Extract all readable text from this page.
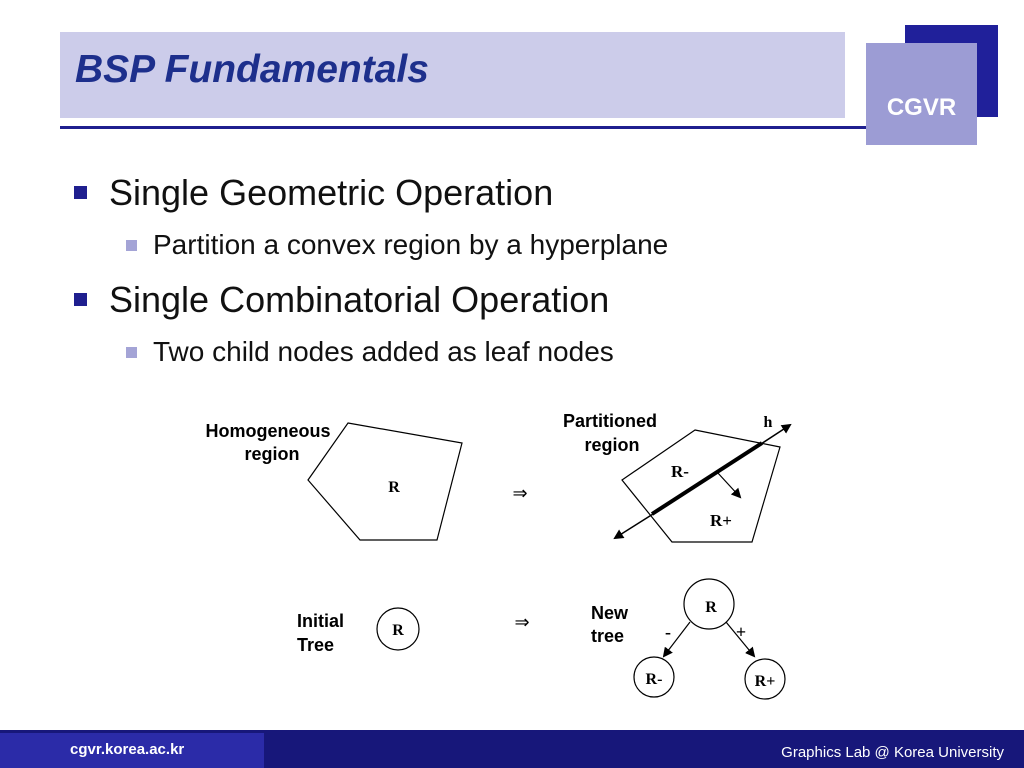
BSP Fundamentals
CGVR
Single Geometric Operation
Partition a convex region by a hyperplane
Single Combinatorial Operation
Two child nodes added as leaf nodes
Homogeneous
region
R	⇒
Partitioned
region
h
R-
R+
Initial
Tree
R	⇒	New
tree
R
-	+
R-	R+
cgvr.korea.ac.kr	Graphics Lab @ Korea University
